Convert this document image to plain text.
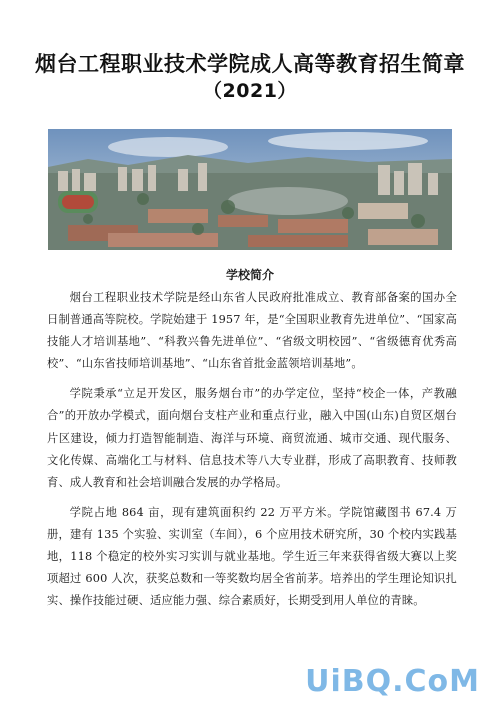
烟台工程职业技术学院成人高等教育招生简章
（2021）
学校简介

烟台工程职业技术学院是经山东省人民政府批准成立、教育部备案的国办全日制普通高等院校。学院始建于 1957 年，是“全国职业教育先进单位”、“国家高技能人才培训基地”、“科教兴鲁先进单位”、“省级文明校园”、“省级德育优秀高校”、“山东省技师培训基地”、“山东省首批金蓝领培训基地”。

学院秉承“立足开发区，服务烟台市”的办学定位，坚持“校企一体，产教融合”的开放办学模式，面向烟台支柱产业和重点行业，融入中国(山东)自贸区烟台片区建设，倾力打造智能制造、海洋与环境、商贸流通、城市交通、现代服务、文化传媒、高端化工与材料、信息技术等八大专业群，形成了高职教育、技师教育、成人教育和社会培训融合发展的办学格局。

学院占地 864 亩，现有建筑面积约 22 万平方米。学院馆藏图书 67.4 万册，建有 135 个实验、实训室（车间），6 个应用技术研究所，30 个校内实践基地，118 个稳定的校外实习实训与就业基地。学生近三年来获得省级大赛以上奖项超过 600 人次，获奖总数和一等奖数均居全省前茅。培养出的学生理论知识扎实、操作技能过硬、适应能力强、综合素质好，长期受到用人单位的青睐。

UiBQ.CoM
